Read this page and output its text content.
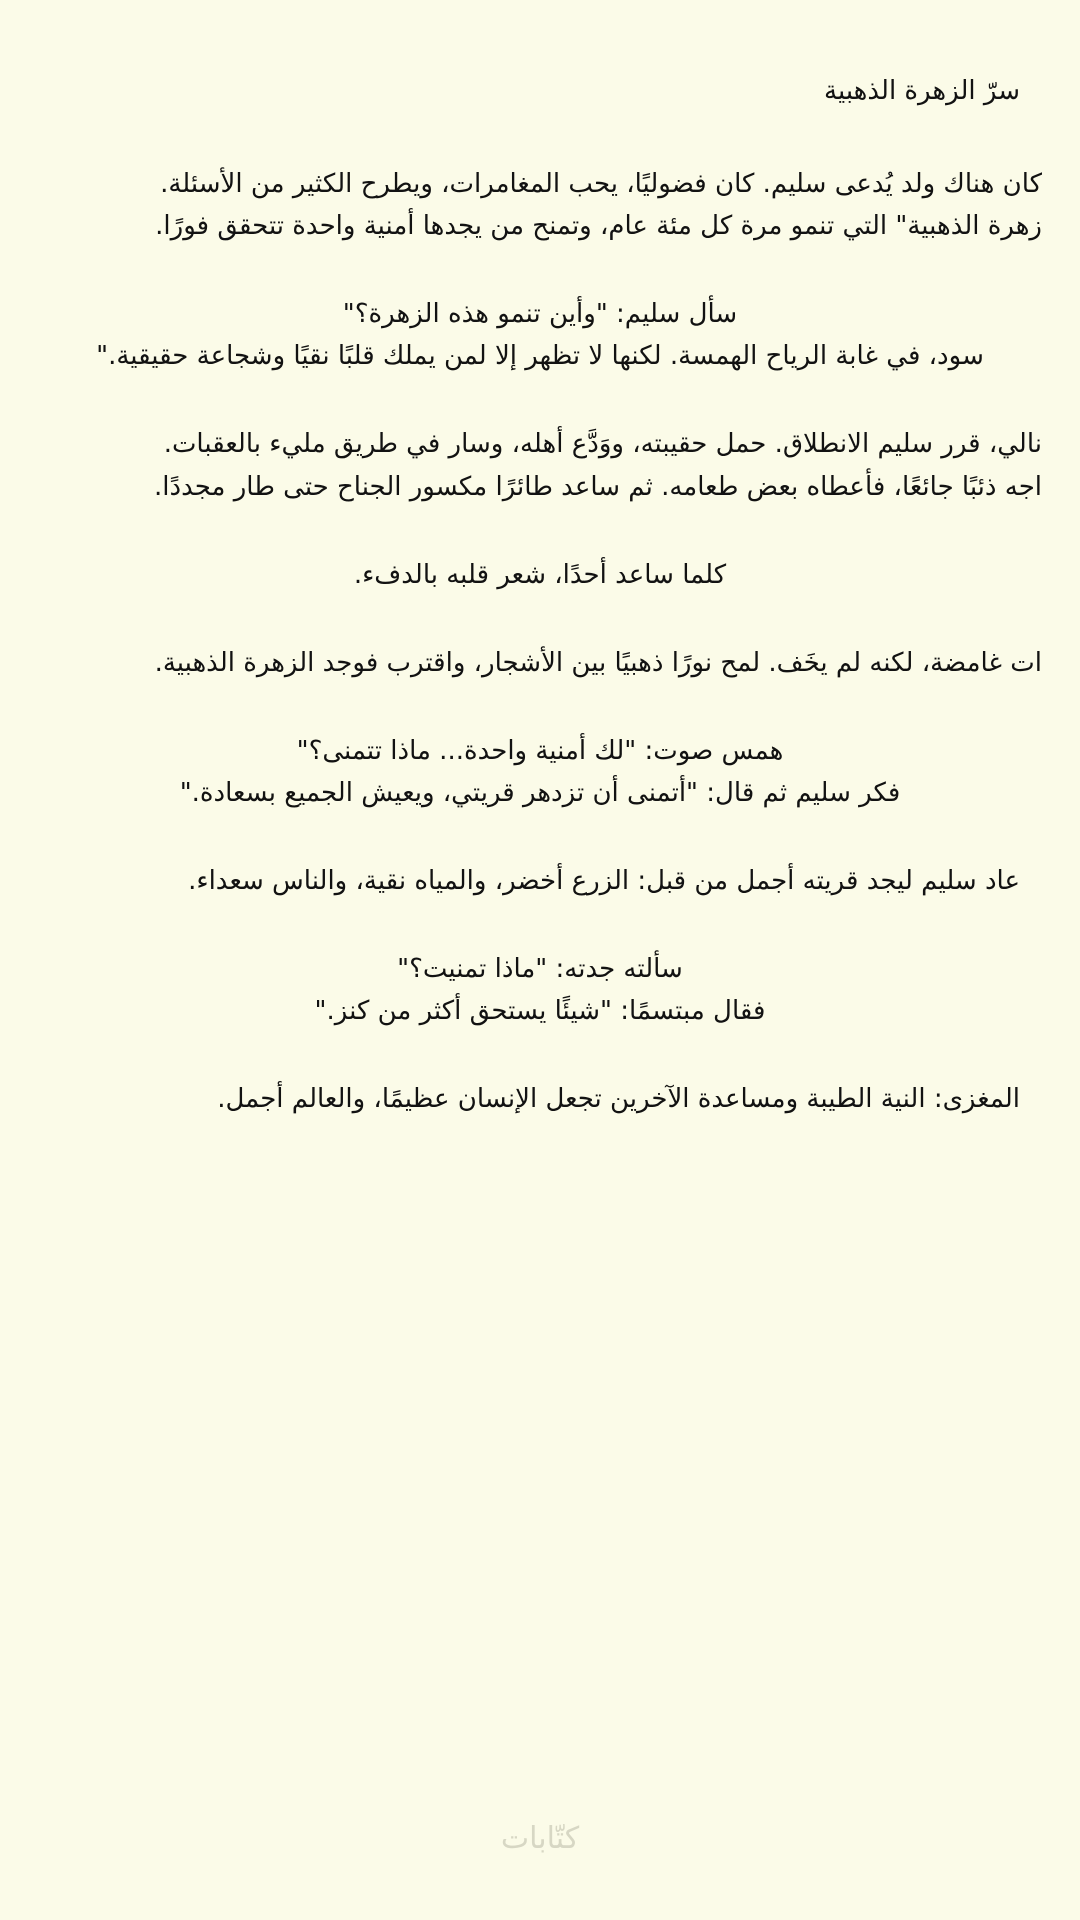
سرّ الزهرة الذهبية

كان هناك ولد يُدعى سليم. كان فضوليًا، يحب المغامرات، ويطرح الكثير من الأسئلة.
زهرة الذهبية" التي تنمو مرة كل مئة عام، وتمنح من يجدها أمنية واحدة تتحقق فورًا.

سأل سليم: "وأين تنمو هذه الزهرة؟"
سود، في غابة الرياح الهمسة. لكنها لا تظهر إلا لمن يملك قلبًا نقيًا وشجاعة حقيقية."

نالي، قرر سليم الانطلاق. حمل حقيبته، ووَدَّع أهله، وسار في طريق مليء بالعقبات.
اجه ذئبًا جائعًا، فأعطاه بعض طعامه. ثم ساعد طائرًا مكسور الجناح حتى طار مجددًا.

كلما ساعد أحدًا، شعر قلبه بالدفء.

ات غامضة، لكنه لم يخَف. لمح نورًا ذهبيًا بين الأشجار، واقترب فوجد الزهرة الذهبية.

همس صوت: "لك أمنية واحدة... ماذا تتمنى؟"
فكر سليم ثم قال: "أتمنى أن تزدهر قريتي، ويعيش الجميع بسعادة."

عاد سليم ليجد قريته أجمل من قبل: الزرع أخضر، والمياه نقية، والناس سعداء.

سألته جدته: "ماذا تمنيت؟"
فقال مبتسمًا: "شيئًا يستحق أكثر من كنز."

المغزى: النية الطيبة ومساعدة الآخرين تجعل الإنسان عظيمًا، والعالم أجمل.

كتّابات
